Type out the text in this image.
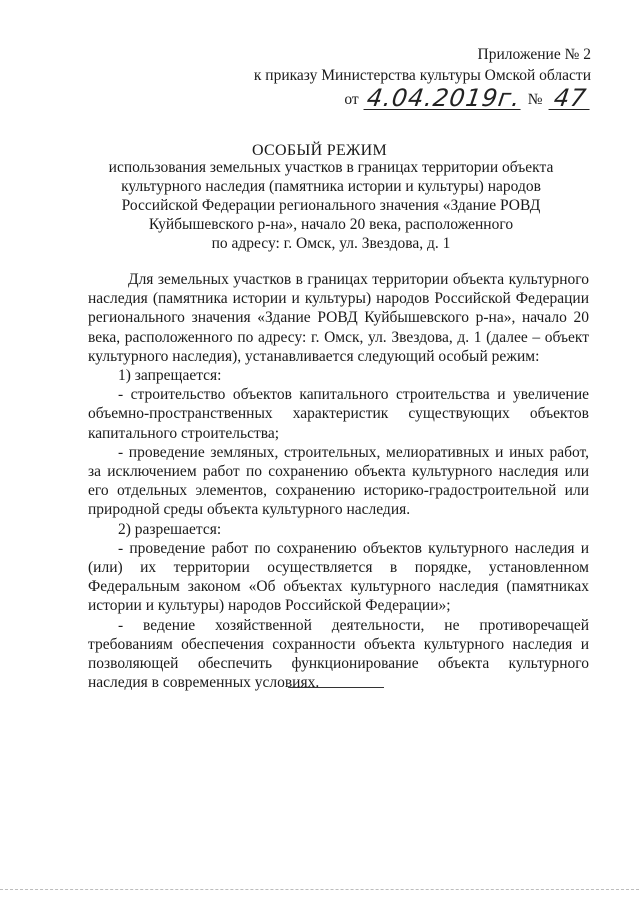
Приложение № 2
к приказу Министерства культуры Омской области
от 4.04.2019г. № 47
ОСОБЫЙ РЕЖИМ
использования земельных участков в границах территории объекта
культурного наследия (памятника истории и культуры) народов
Российской Федерации регионального значения «Здание РОВД
Куйбышевского р-на», начало 20 века, расположенного
по адресу: г. Омск, ул. Звездова, д. 1

Для земельных участков в границах территории объекта культурного наследия (памятника истории и культуры) народов Российской Федерации регионального значения «Здание РОВД Куйбышевского р-на», начало 20 века, расположенного по адресу: г. Омск, ул. Звездова, д. 1 (далее – объект культурного наследия), устанавливается следующий особый режим:

1) запрещается:

- строительство объектов капитального строительства и увеличение объемно-пространственных характеристик существующих объектов капитального строительства;

- проведение земляных, строительных, мелиоративных и иных работ, за исключением работ по сохранению объекта культурного наследия или его отдельных элементов, сохранению историко-градостроительной или природной среды объекта культурного наследия.

2) разрешается:

- проведение работ по сохранению объектов культурного наследия и (или) их территории осуществляется в порядке, установленном Федеральным законом «Об объектах культурного наследия (памятниках истории и культуры) народов Российской Федерации»;

- ведение хозяйственной деятельности, не противоречащей требованиям обеспечения сохранности объекта культурного наследия и позволяющей обеспечить функционирование объекта культурного наследия в современных условиях.
